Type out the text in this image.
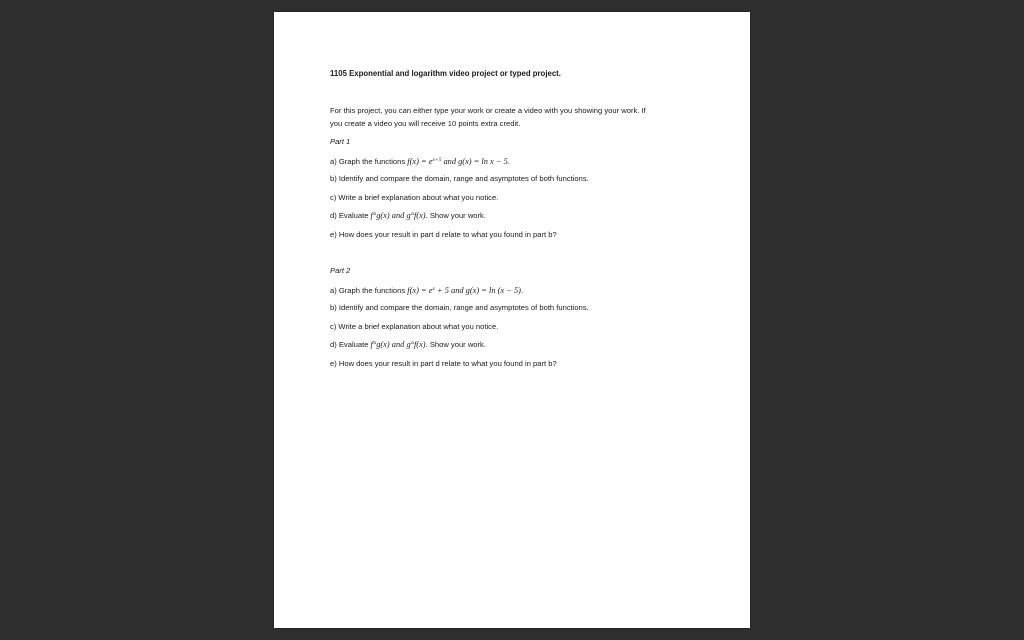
1105 Exponential and logarithm video project or typed project.
For this project, you can either type your work or create a video with you showing your work. If
you create a video you will receive 10 points extra credit.
Part 1
a) Graph the functions $f(x) = e^{x+5}$ and g(x) = ln x − 5.
b) Identify and compare the domain, range and asymptotes of both functions.
c) Write a brief explanation about what you notice.
d) Evaluate f°g(x) and g°f(x). Show your work.
e) How does your result in part d relate to what you found in part b?
Part 2
a) Graph the functions $f(x) = e^x + 5$ and g(x) = ln (x − 5).
b) Identify and compare the domain, range and asymptotes of both functions.
c) Write a brief explanation about what you notice.
d) Evaluate f°g(x) and g°f(x). Show your work.
e) How does your result in part d relate to what you found in part b?
